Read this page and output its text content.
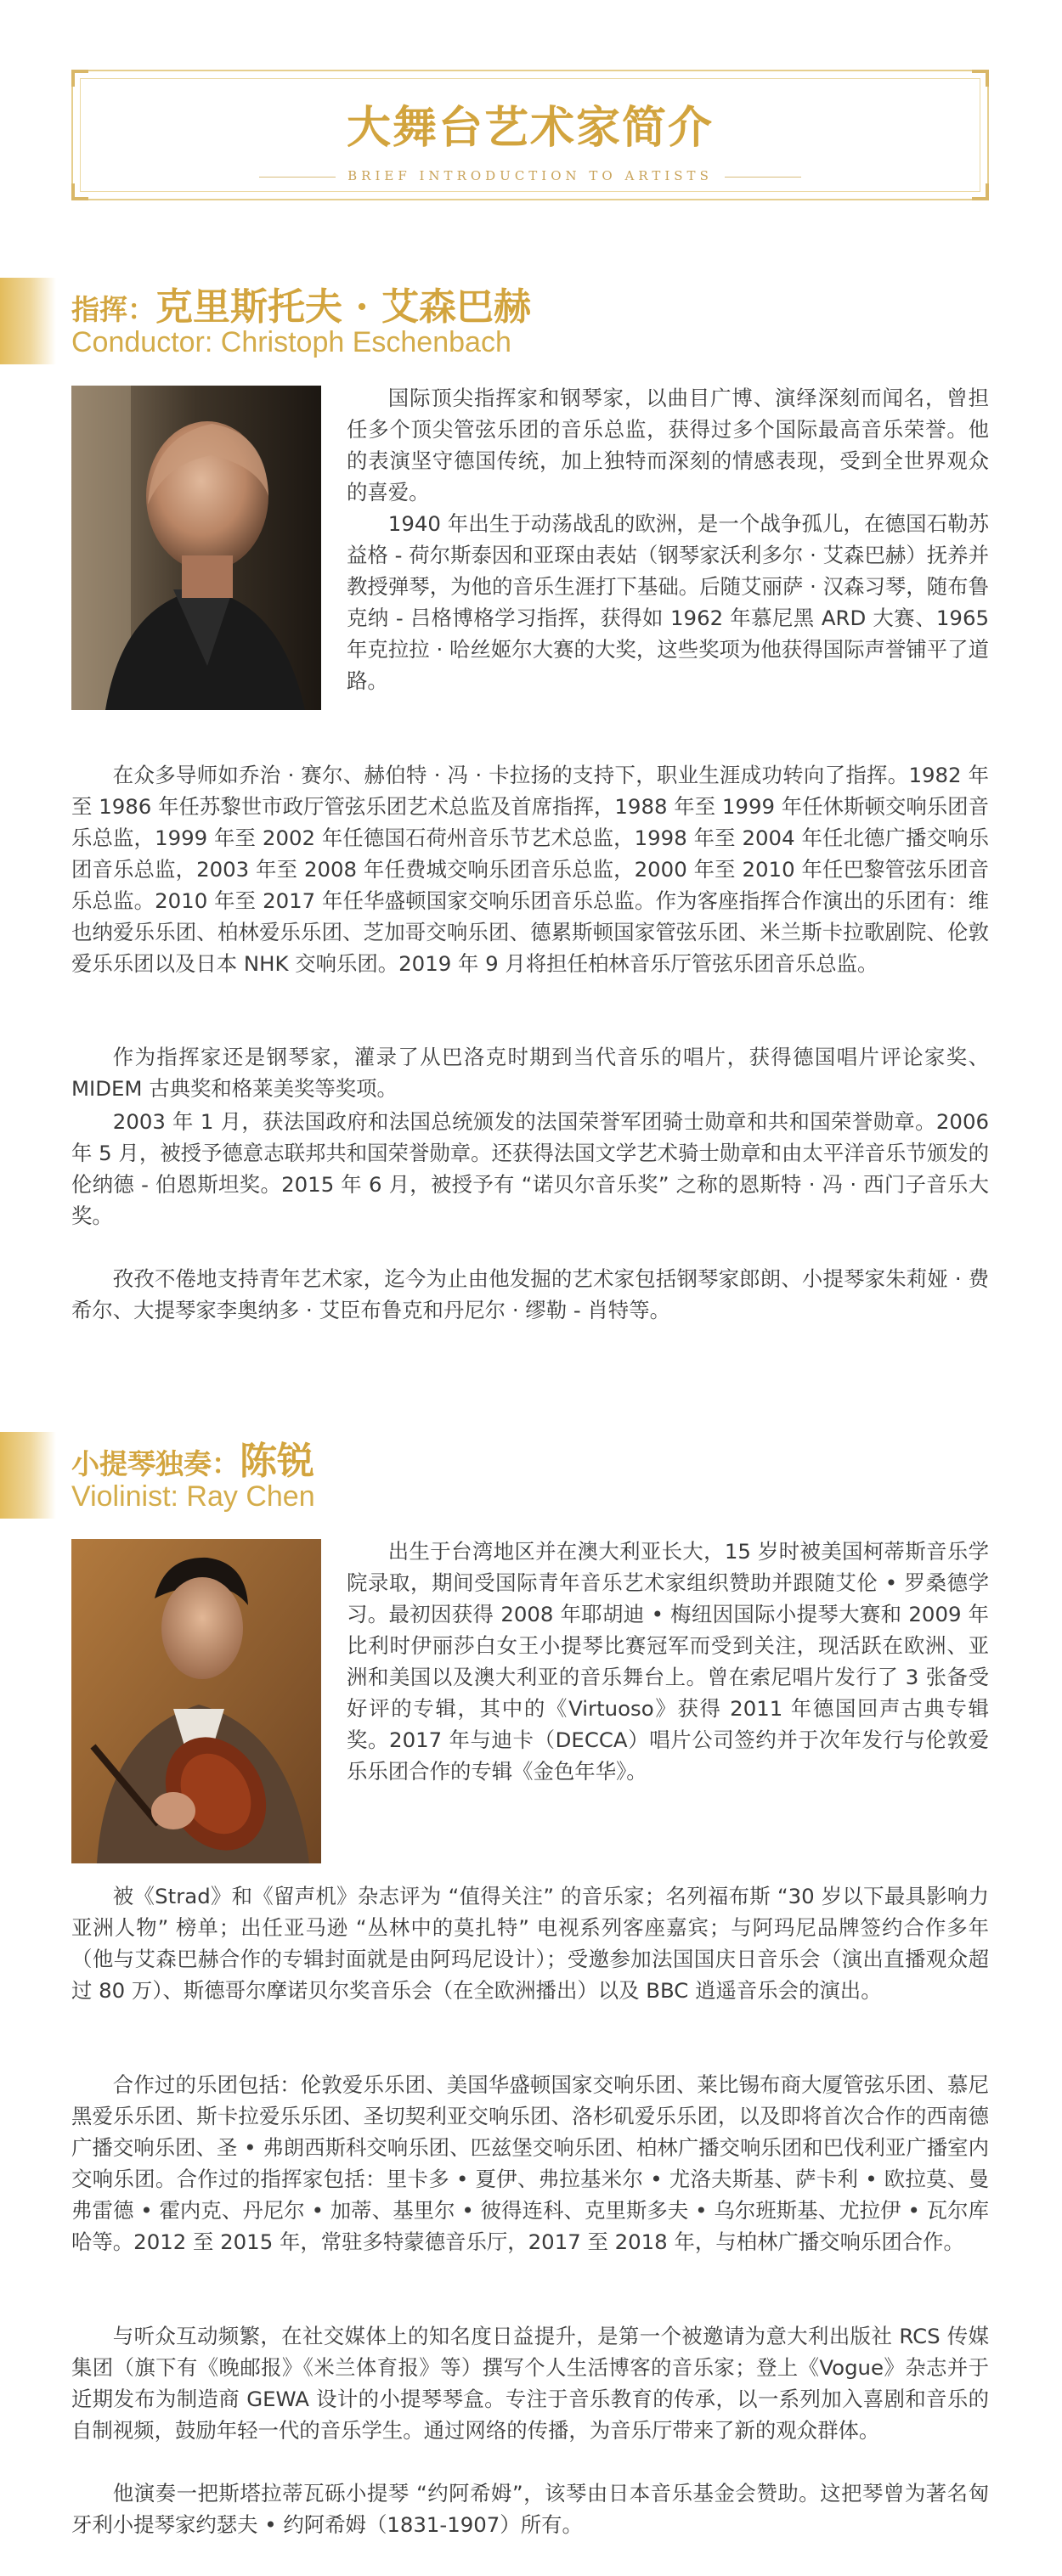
大舞台艺术家简介
BRIEF INTRODUCTION TO ARTISTS
指挥：克里斯托夫 · 艾森巴赫
Conductor: Christoph Eschenbach
国际顶尖指挥家和钢琴家，以曲目广博、演绎深刻而闻名，曾担任多个顶尖管弦乐团的音乐总监，获得过多个国际最高音乐荣誉。他的表演坚守德国传统，加上独特而深刻的情感表现，受到全世界观众的喜爱。
1940 年出生于动荡战乱的欧洲，是一个战争孤儿，在德国石勒苏益格 - 荷尔斯泰因和亚琛由表姑（钢琴家沃利多尔 · 艾森巴赫）抚养并教授弹琴，为他的音乐生涯打下基础。后随艾丽萨 · 汉森习琴，随布鲁克纳 - 吕格博格学习指挥，获得如 1962 年慕尼黑 ARD 大赛、1965 年克拉拉 · 哈丝姬尔大赛的大奖，这些奖项为他获得国际声誉铺平了道路。
在众多导师如乔治 · 赛尔、赫伯特 · 冯 · 卡拉扬的支持下，职业生涯成功转向了指挥。1982 年至 1986 年任苏黎世市政厅管弦乐团艺术总监及首席指挥，1988 年至 1999 年任休斯顿交响乐团音乐总监，1999 年至 2002 年任德国石荷州音乐节艺术总监，1998 年至 2004 年任北德广播交响乐团音乐总监，2003 年至 2008 年任费城交响乐团音乐总监，2000 年至 2010 年任巴黎管弦乐团音乐总监。2010 年至 2017 年任华盛顿国家交响乐团音乐总监。作为客座指挥合作演出的乐团有：维也纳爱乐乐团、柏林爱乐乐团、芝加哥交响乐团、德累斯顿国家管弦乐团、米兰斯卡拉歌剧院、伦敦爱乐乐团以及日本 NHK 交响乐团。2019 年 9 月将担任柏林音乐厅管弦乐团音乐总监。
作为指挥家还是钢琴家，灌录了从巴洛克时期到当代音乐的唱片，获得德国唱片评论家奖、MIDEM 古典奖和格莱美奖等奖项。
2003 年 1 月，获法国政府和法国总统颁发的法国荣誉军团骑士勋章和共和国荣誉勋章。2006 年 5 月，被授予德意志联邦共和国荣誉勋章。还获得法国文学艺术骑士勋章和由太平洋音乐节颁发的伦纳德 - 伯恩斯坦奖。2015 年 6 月，被授予有 “诺贝尔音乐奖” 之称的恩斯特 · 冯 · 西门子音乐大奖。
孜孜不倦地支持青年艺术家，迄今为止由他发掘的艺术家包括钢琴家郎朗、小提琴家朱莉娅 · 费希尔、大提琴家李奥纳多 · 艾臣布鲁克和丹尼尔 · 缪勒 - 肖特等。
小提琴独奏：陈锐
Violinist: Ray Chen
出生于台湾地区并在澳大利亚长大，15 岁时被美国柯蒂斯音乐学院录取，期间受国际青年音乐艺术家组织赞助并跟随艾伦 • 罗桑德学习。最初因获得 2008 年耶胡迪 • 梅纽因国际小提琴大赛和 2009 年比利时伊丽莎白女王小提琴比赛冠军而受到关注，现活跃在欧洲、亚洲和美国以及澳大利亚的音乐舞台上。曾在索尼唱片发行了 3 张备受好评的专辑，其中的《Virtuoso》获得 2011 年德国回声古典专辑奖。2017 年与迪卡（DECCA）唱片公司签约并于次年发行与伦敦爱乐乐团合作的专辑《金色年华》。
被《Strad》和《留声机》杂志评为 “值得关注” 的音乐家；名列福布斯 “30 岁以下最具影响力亚洲人物” 榜单；出任亚马逊 “丛林中的莫扎特” 电视系列客座嘉宾；与阿玛尼品牌签约合作多年（他与艾森巴赫合作的专辑封面就是由阿玛尼设计）；受邀参加法国国庆日音乐会（演出直播观众超过 80 万）、斯德哥尔摩诺贝尔奖音乐会（在全欧洲播出）以及 BBC 逍遥音乐会的演出。
合作过的乐团包括：伦敦爱乐乐团、美国华盛顿国家交响乐团、莱比锡布商大厦管弦乐团、慕尼黑爱乐乐团、斯卡拉爱乐乐团、圣切契利亚交响乐团、洛杉矶爱乐乐团，以及即将首次合作的西南德广播交响乐团、圣 • 弗朗西斯科交响乐团、匹兹堡交响乐团、柏林广播交响乐团和巴伐利亚广播室内交响乐团。合作过的指挥家包括：里卡多 • 夏伊、弗拉基米尔 • 尤洛夫斯基、萨卡利 • 欧拉莫、曼弗雷德 • 霍内克、丹尼尔 • 加蒂、基里尔 • 彼得连科、克里斯多夫 • 乌尔班斯基、尤拉伊 • 瓦尔库哈等。2012 至 2015 年，常驻多特蒙德音乐厅，2017 至 2018 年，与柏林广播交响乐团合作。
与听众互动频繁，在社交媒体上的知名度日益提升，是第一个被邀请为意大利出版社 RCS 传媒集团（旗下有《晚邮报》《米兰体育报》等）撰写个人生活博客的音乐家；登上《Vogue》杂志并于近期发布为制造商 GEWA 设计的小提琴琴盒。专注于音乐教育的传承，以一系列加入喜剧和音乐的自制视频，鼓励年轻一代的音乐学生。通过网络的传播，为音乐厅带来了新的观众群体。
他演奏一把斯塔拉蒂瓦砾小提琴 “约阿希姆”，该琴由日本音乐基金会赞助。这把琴曾为著名匈牙利小提琴家约瑟夫 • 约阿希姆（1831-1907）所有。
